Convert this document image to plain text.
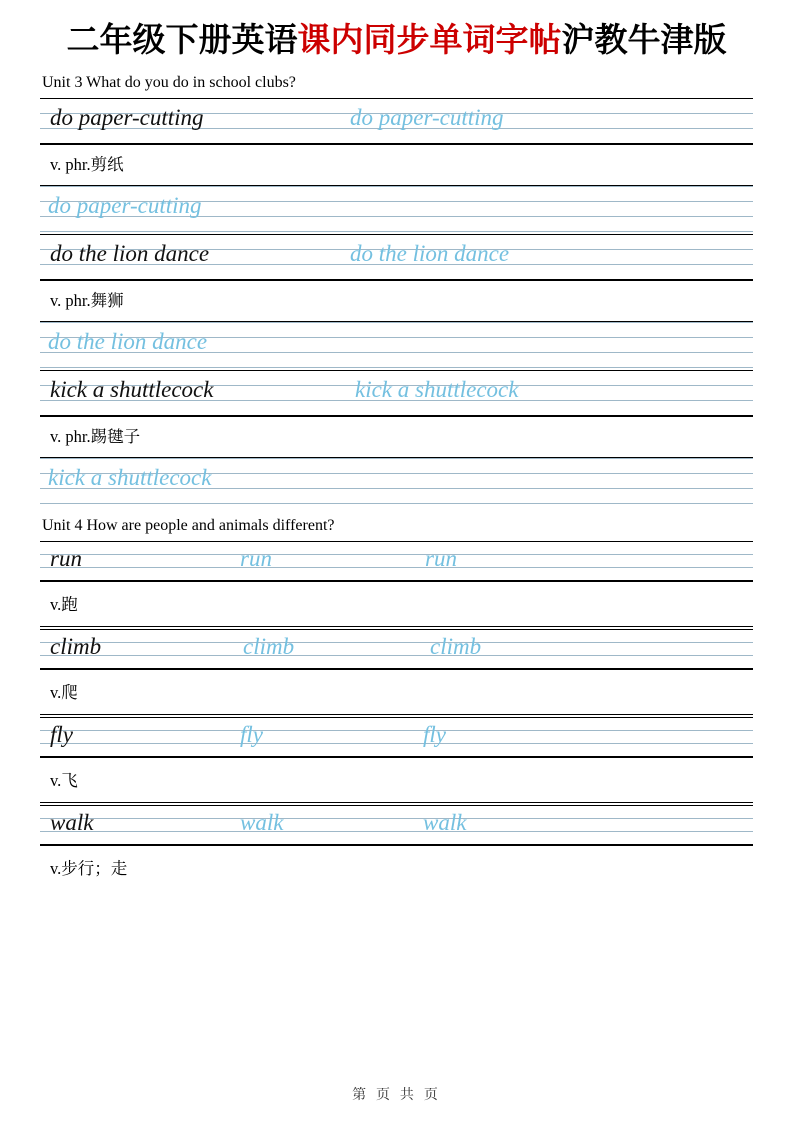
二年级下册英语课内同步单词字帖沪教牛津版
Unit 3 What do you do in school clubs?
do paper-cutting	do paper-cutting
v. phr.剪纸
do paper-cutting
do the lion dance	do the lion dance
v. phr.舞狮
do the lion dance
kick a shuttlecock	kick a shuttlecock
v. phr.踢毽子
kick a shuttlecock
Unit 4 How are people and animals different?
run	run	run
v.跑
climb	climb	climb
v.爬
fly	fly	fly
v.飞
walk	walk	walk
v.步行；走
第 页 共 页
